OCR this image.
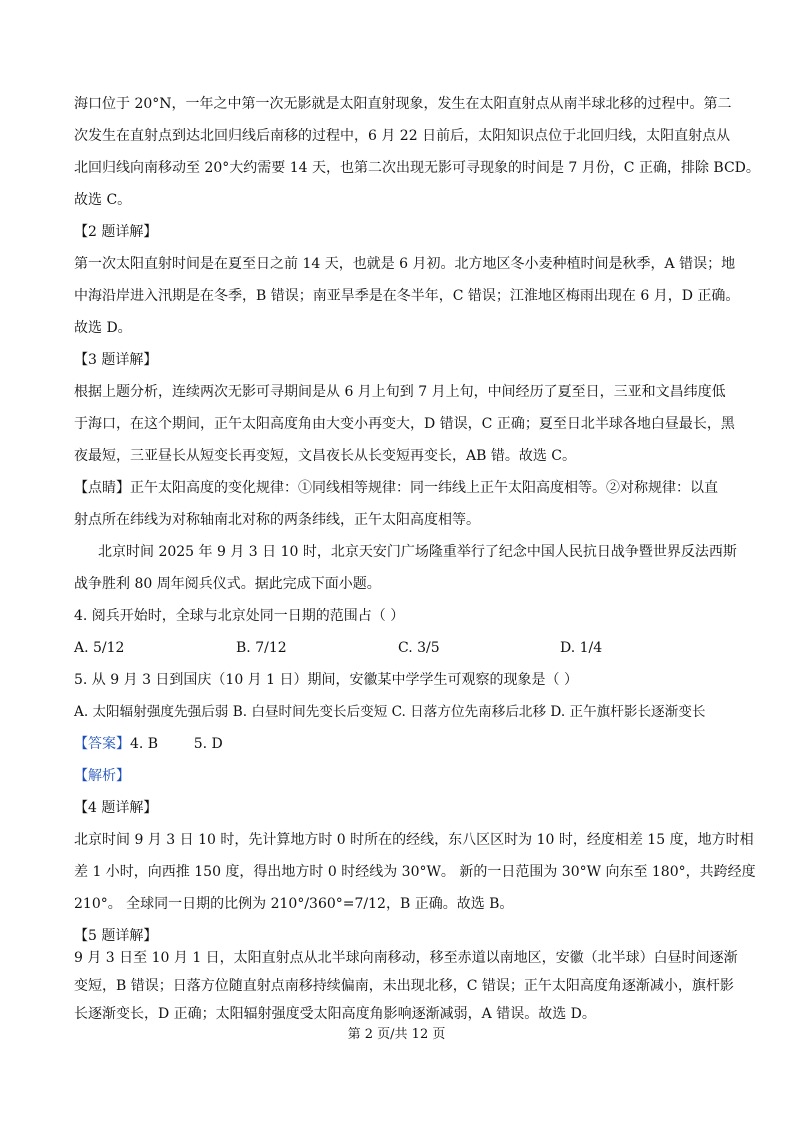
海口位于 20°N，一年之中第一次无影就是太阳直射现象，发生在太阳直射点从南半球北移的过程中。第二

次发生在直射点到达北回归线后南移的过程中，6 月 22 日前后，太阳知识点位于北回归线，太阳直射点从

北回归线向南移动至 20°大约需要 14 天，也第二次出现无影可寻现象的时间是 7 月份，C 正确，排除 BCD。

故选 C。

【2 题详解】

第一次太阳直射时间是在夏至日之前 14 天，也就是 6 月初。北方地区冬小麦种植时间是秋季，A 错误；地

中海沿岸进入汛期是在冬季，B 错误；南亚旱季是在冬半年，C 错误；江淮地区梅雨出现在 6 月，D 正确。

故选 D。

【3 题详解】

根据上题分析，连续两次无影可寻期间是从 6 月上旬到 7 月上旬，中间经历了夏至日，三亚和文昌纬度低

于海口，在这个期间，正午太阳高度角由大变小再变大，D 错误，C 正确；夏至日北半球各地白昼最长，黑

夜最短，三亚昼长从短变长再变短，文昌夜长从长变短再变长，AB 错。故选 C。

【点睛】正午太阳高度的变化规律：①同线相等规律：同一纬线上正午太阳高度相等。②对称规律：以直

射点所在纬线为对称轴南北对称的两条纬线，正午太阳高度相等。

北京时间 2025 年 9 月 3 日 10 时，北京天安门广场隆重举行了纪念中国人民抗日战争暨世界反法西斯

战争胜利 80 周年阅兵仪式。据此完成下面小题。

4. 阅兵开始时，全球与北京处同一日期的范围占（ ）

A. 5/12	B. 7/12	C. 3/5	D. 1/4

5. 从 9 月 3 日到国庆（10 月 1 日）期间，安徽某中学学生可观察的现象是（ ）

A. 太阳辐射强度先强后弱 B. 白昼时间先变长后变短 C. 日落方位先南移后北移 D. 正午旗杆影长逐渐变长

【答案】4. B        5. D

【解析】

【4 题详解】

北京时间 9 月 3 日 10 时，先计算地方时 0 时所在的经线，东八区区时为 10 时，经度相差 15 度，地方时相

差 1 小时，向西推 150 度，得出地方时 0 时经线为 30°W。 新的一日范围为 30°W 向东至 180°，共跨经度

210°。 全球同一日期的比例为 210°/360°=7/12，B 正确。故选 B。

【5 题详解】

9 月 3 日至 10 月 1 日，太阳直射点从北半球向南移动，移至赤道以南地区，安徽（北半球）白昼时间逐渐

变短，B 错误；日落方位随直射点南移持续偏南，未出现北移，C 错误；正午太阳高度角逐渐减小，旗杆影

长逐渐变长，D 正确；太阳辐射强度受太阳高度角影响逐渐减弱，A 错误。故选 D。

第 2 页/共 12 页
